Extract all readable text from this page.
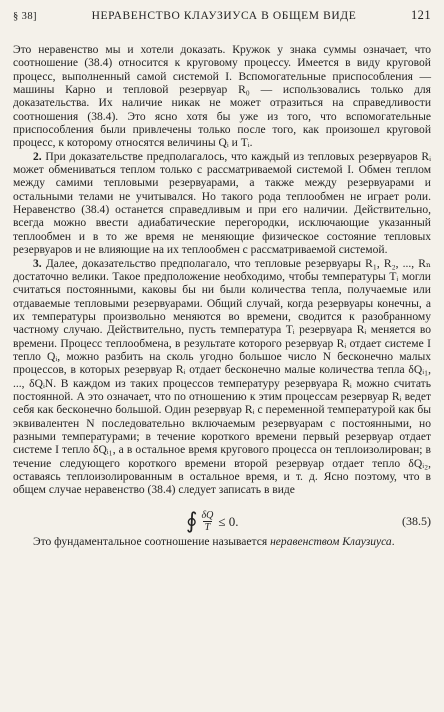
§ 38]	НЕРАВЕНСТВО КЛАУЗИУСА В ОБЩЕМ ВИДЕ	121

Это неравенство мы и хотели доказать. Кружок у знака суммы означает, что соотношение (38.4) относится к круговому процессу. Имеется в виду круговой процесс, выполненный самой системой I. Вспомогательные приспособления — машины Карно и тепловой резервуар R₀ — использовались только для доказательства. Их наличие никак не может отразиться на справедливости соотношения (38.4). Это ясно хотя бы уже из того, что вспомогательные приспособления были привлечены только после того, как произошел круговой процесс, к которому относятся величины Qᵢ и Tᵢ.

2. При доказательстве предполагалось, что каждый из тепловых резервуаров Rᵢ может обмениваться теплом только с рассматриваемой системой I. Обмен теплом между самими тепловыми резервуарами, а также между резервуарами и остальными телами не учитывался. Но такого рода теплообмен не играет роли. Неравенство (38.4) останется справедливым и при его наличии. Действительно, всегда можно ввести адиабатические перегородки, исключающие указанный теплообмен и в то же время не меняющие физическое состояние тепловых резервуаров и не влияющие на их теплообмен с рассматриваемой системой.

3. Далее, доказательство предполагало, что тепловые резервуары R₁, R₂, ..., Rₙ достаточно велики. Такое предположение необходимо, чтобы температуры Tᵢ могли считаться постоянными, каковы бы ни были количества тепла, получаемые или отдаваемые тепловыми резервуарами. Общий случай, когда резервуары конечны, а их температуры произвольно меняются во времени, сводится к разобранному частному случаю. Действительно, пусть температура Tᵢ резервуара Rᵢ меняется во времени. Процесс теплообмена, в результате которого резервуар Rᵢ отдает системе I тепло Qᵢ, можно разбить на сколь угодно большое число N бесконечно малых процессов, в которых резервуар Rᵢ отдает бесконечно малые количества тепла δQᵢ₁, ..., δQᵢN. В каждом из таких процессов температуру резервуара Rᵢ можно считать постоянной. А это означает, что по отношению к этим процессам резервуар Rᵢ ведет себя как бесконечно большой. Один резервуар Rᵢ с переменной температурой как бы эквивалентен N последовательно включаемым резервуарам с постоянными, но разными температурами; в течение короткого времени первый резервуар отдает системе I тепло δQᵢ₁, а в остальное время кругового процесса он теплоизолирован; в течение следующего короткого времени второй резервуар отдает тепло δQᵢ₂, оставаясь теплоизолированным в остальное время, и т. д. Ясно поэтому, что в общем случае неравенство (38.4) следует записать в виде

∮ $\frac{\delta Q}{T} \le 0$.	(38.5)

Это фундаментальное соотношение называется неравенством Клаузиуса.
